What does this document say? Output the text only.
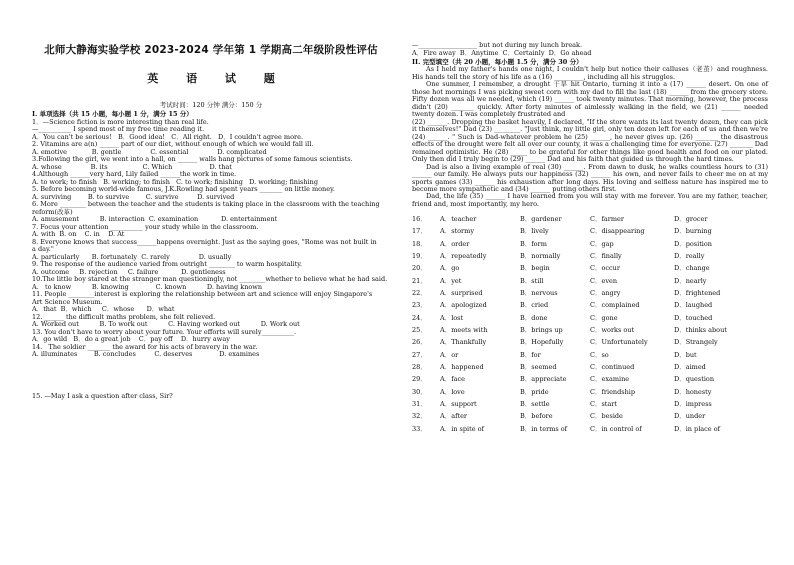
北师大静海实验学校 2023-2024 学年第 1 学期高二年级阶段性评估
英 语 试 题
考试时间：120 分钟 满分：150 分
I. 单项选择（共 15 小题，每小题 1 分，满分 15 分）
1．—Science fiction is more interesting than real life.
—__________ I spend most of my free time reading it.
A．You can't be serious!   B．Good idea!   C．All right.   D．I couldn't agree more.
2. Vitamins are a(n) ______ part of our diet, without enough of which we would fall ill.
A. emotive            B. gentle              C. essential              D. complicated
3.Following the girl, we went into a hall, on ______ walls hang pictures of some famous scientists.
A. whose              B. its                 C. Which                  D. that
4.Although ______very hard, Lily failed ______the work in time.
A. to work; to finish   B. working; to finish   C. to work; finishing   D. working; finishing
5. Before becoming world-wide famous, J.K.Rowling had spent years _______ on little money.
A. surviving        B. to survive        C. survive         D. survived
6. More ________ between the teacher and the students is taking place in the classroom with the teaching
reform(改革)
A. amusement          B. interaction  C. examination           D. entertainment
7. Focus your attention __________ your study while in the classroom.
A. with  B. on    C. in    D. At
8. Everyone knows that success______happens overnight. Just as the saying goes, "Rome was not built in
a day."
A. particularly      B. fortunately  C. rarely              D. usually
9. The response of the audience varied from outright ________ to warm hospitality.
A. outcome     B. rejection     C. failure           D. gentleness
10.The little boy stared at the stranger man questioningly, not ________whether to believe what he had said.
A.   to know          B. knowing             C. known          D. having known
11. People ________interest is exploring the relationship between art and science will enjoy Singapore's
Art Science Museum.
A．that  B．which     C．whose      D．what
12. ______ the difficult maths problem, she felt relieved.
A. Worked out          B. To work out          C. Having worked out          D. Work out
13. You don't have to worry about your future. Your efforts will surely__________.
A．go wild   B．do a great job    C．pay off    D．hurry away
14.   The soldier _______ the award for his acts of bravery in the war.
A. illuminates        B. concludes         C. deserves             D. examines
15. —May I ask a question after class, Sir?
—__________________ but not during my lunch break.
A．Fire away  B．Anytime  C．Certainly  D．Go ahead
II. 完型填空（共 20 小题，每小题 1.5 分，满分 30 分）
As I held my father's hands one night, I couldn't help but notice their calluses（老茧）and roughness. His hands tell the story of his life as a (16) _________, including all his struggles.
One summer, I remember, a drought 干旱 hit Ontario, turning it into a (17) ______ desert. On one of those hot mornings I was picking sweet corn with my dad to fill the last (18) ______ from the grocery store. Fifty dozen was all we needed, which (19) ______ took twenty minutes. That morning, however, the process didn't (20) _______ quickly. After forty minutes of aimlessly walking in the field, we (21) ______ needed twenty dozen. I was completely frustrated and
(22) ______. Dropping the basket heavily, I declared, "If the store wants its last twenty dozen, they can pick it themselves!" Dad (23) ________. "Just think, my little girl, only ten dozen left for each of us and then we're (24) ______. " Such is Dad-whatever problem he (25) ______, he never gives up. (26) _______ the disastrous effects of the drought were felt all over our county, it was a challenging time for everyone. (27) _______ Dad remained optimistic. He (28) _____ to be grateful for other things like good health and food on our plated. Only then did I truly begin to (29) ______ Dad and his faith that guided us through the hard times.
Dad is also a living example of real (30) ______. From dawn to dusk, he walks countless hours to (31) ______ our family. He always puts our happiness (32) ______ his own, and never fails to cheer me on at my sports games (33) ______ his exhaustion after long days. His loving and selfless nature has inspired me to become more sympathetic and (34) ______ putting others first.
Dad, the life (35) ______ I have learned from you will stay with me forever. You are my father, teacher, friend and, most importantly, my hero.
16．	A．teacher	B．gardener	C．farmer	D．grocer
17．	A．stormy	B．lively	C．disappearing	D．burning
18．	A．order	B．form	C．gap	D．position
19．	A．repeatedly	B．normally	C．finally	D．really
20．	A．go	B．begin	C．occur	D．change
21．	A．yet	B．still	C．even	D．nearly
22．	A．surprised	B．nervous	C．angry	D．frightened
23．	A．apologized	B．cried	C．complained	D．laughed
24．	A．lost	B．done	C．gone	D．touched
25．	A．meets with	B．brings up	C．works out	D．thinks about
26．	A．Thankfully	B．Hopefully	C．Unfortunately	D．Strangely
27．	A．or	B．for	C．so	D．but
28．	A．happened	B．seemed	C．continued	D．aimed
29．	A．face	B．appreciate	C．examine	D．question
30．	A．love	B．pride	C．friendship	D．honesty
31．	A．support	B．settle	C．start	D．impress
32．	A．after	B．before	C．beside	D．under
33．	A．in spite of	B．in terms of	C．in control of	D．in place of
